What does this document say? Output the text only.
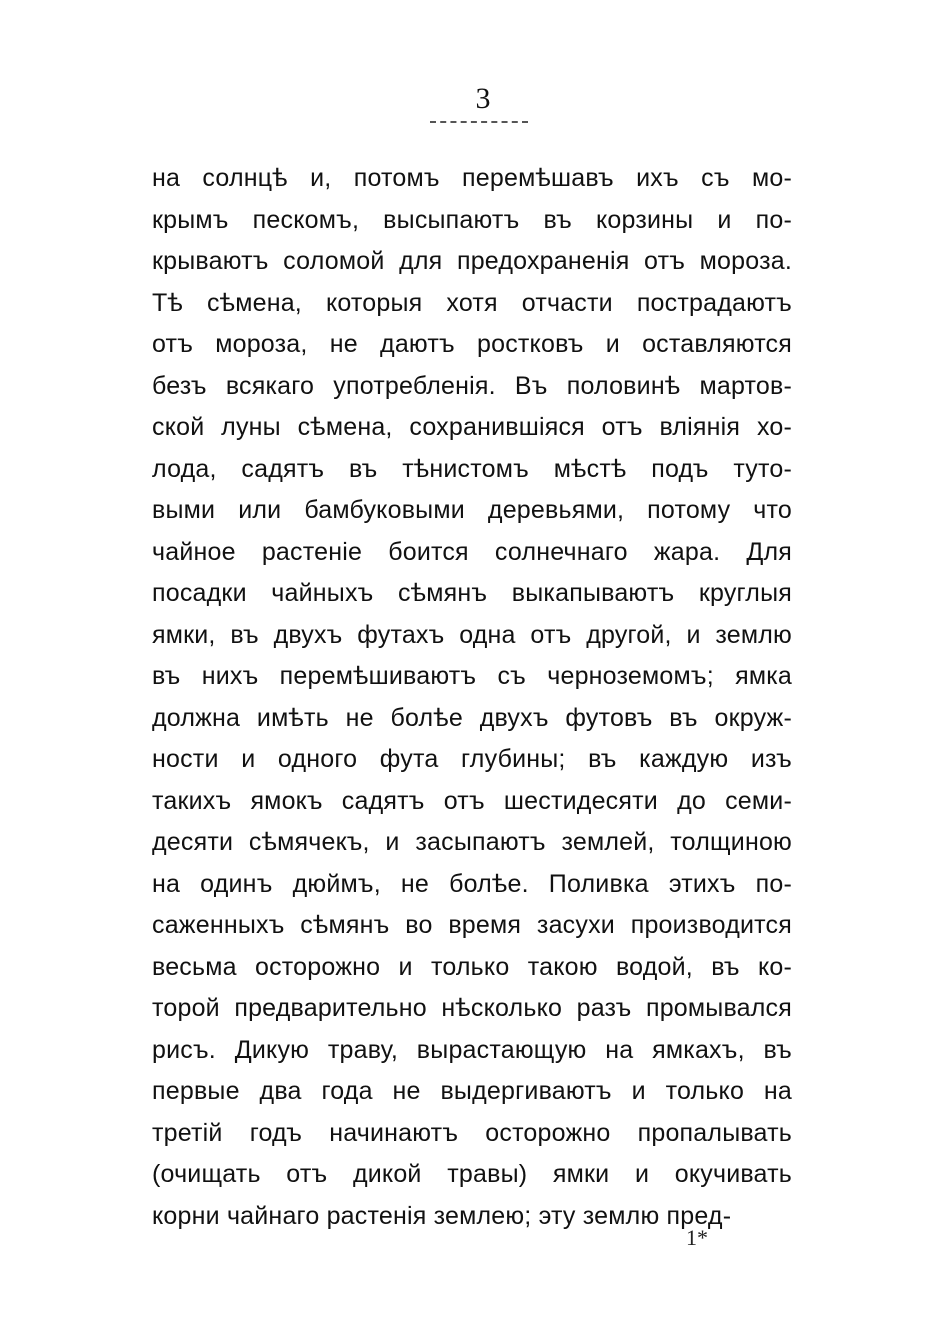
3
на солнцѣ и, потомъ перемѣшавъ ихъ съ мо-
крымъ пескомъ, высыпаютъ въ корзины и по-
крываютъ соломой для предохраненія отъ мороза.
Тѣ сѣмена, которыя хотя отчасти пострадаютъ
отъ мороза, не даютъ ростковъ и оставляются
безъ всякаго употребленія. Въ половинѣ мартов-
ской луны сѣмена, сохранившіяся отъ вліянія хо-
лода, садятъ въ тѣнистомъ мѣстѣ подъ туто-
выми или бамбуковыми деревьями, потому что
чайное растеніе боится солнечнаго жара. Для
посадки чайныхъ сѣмянъ выкапываютъ круглыя
ямки, въ двухъ футахъ одна отъ другой, и землю
въ нихъ перемѣшиваютъ съ черноземомъ; ямка
должна имѣть не болѣе двухъ футовъ въ окруж-
ности и одного фута глубины; въ каждую изъ
такихъ ямокъ садятъ отъ шестидесяти до семи-
десяти сѣмячекъ, и засыпаютъ землей, толщиною
на одинъ дюймъ, не болѣе. Поливка этихъ по-
саженныхъ сѣмянъ во время засухи производится
весьма осторожно и только такою водой, въ ко-
торой предварительно нѣсколько разъ промывался
рисъ. Дикую траву, вырастающую на ямкахъ, въ
первые два года не выдергиваютъ и только на
третій годъ начинаютъ осторожно пропалывать
(очищать отъ дикой травы) ямки и окучивать
корни чайнаго растенія землею; эту землю пред-
1*
